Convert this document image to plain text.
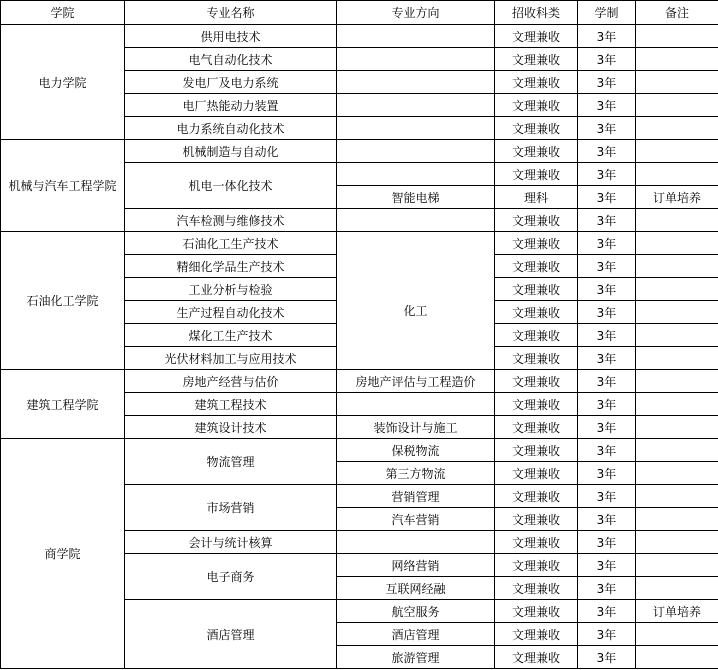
学院	专业名称	专业方向	招收科类	学制	备注
电力学院	供用电技术		文理兼收	3年	
	电气自动化技术		文理兼收	3年	
	发电厂及电力系统		文理兼收	3年	
	电厂热能动力装置		文理兼收	3年	
	电力系统自动化技术		文理兼收	3年	
机械与汽车工程学院	机械制造与自动化		文理兼收	3年	
	机电一体化技术		文理兼收	3年	
		智能电梯	理科	3年	订单培养
	汽车检测与维修技术		文理兼收	3年	
石油化工学院	石油化工生产技术	化工	文理兼收	3年	
	精细化学品生产技术		文理兼收	3年	
	工业分析与检验		文理兼收	3年	
	生产过程自动化技术		文理兼收	3年	
	煤化工生产技术		文理兼收	3年	
	光伏材料加工与应用技术		文理兼收	3年	
建筑工程学院	房地产经营与估价	房地产评估与工程造价	文理兼收	3年	
	建筑工程技术		文理兼收	3年	
	建筑设计技术	装饰设计与施工	文理兼收	3年	
商学院	物流管理	保税物流	文理兼收	3年	
		第三方物流	文理兼收	3年	
	市场营销	营销管理	文理兼收	3年	
		汽车营销	文理兼收	3年	
	会计与统计核算		文理兼收	3年	
	电子商务	网络营销	文理兼收	3年	
		互联网经融	文理兼收	3年	
	酒店管理	航空服务	文理兼收	3年	订单培养
		酒店管理	文理兼收	3年	
		旅游管理	文理兼收	3年	
